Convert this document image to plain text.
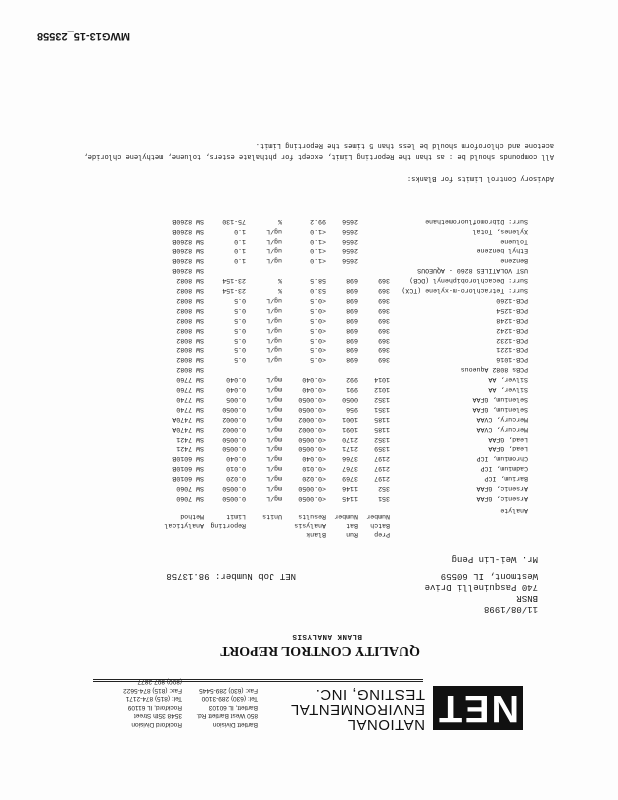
NET
NATIONAL
ENVIRONMENTAL
TESTING, INC.
Bartlett Division
850 West Bartlett Rd.
Bartlett, IL 60103
Tel: (630) 289-3100
Fax: (630) 289-5445
Rockford Division
3548 35th Street
Rockford, IL 61109
Tel: (815) 874-2171
Fax: (815) 874-5622
(800) 807-2877
QUALITY CONTROL REPORT
BLANK ANALYSIS
11/08/1998
BNSR
740 Pasquinelli Drive
Westmont, IL 60559
NET Job Number: 98.13758
Mr. Wei-Lin Peng
Analyte
Prep
Batch
Number
Run
Bat
Number
Blank
Analysis
Results
Units
Reporting
Limit
Analytical
Method
Arsenic, GFAA
351
1145
<0.0050
mg/L
0.0050
SW 7060
Arsenic, GFAA
352
1146
<0.0050
mg/L
0.0050
SW 7060
Barium, ICP
2197
3769
<0.020
mg/L
0.020
SW 6010B
Cadmium, ICP
2197
3767
<0.010
mg/L
0.010
SW 6010B
Chromium, ICP
2197
3766
<0.040
mg/L
0.040
SW 6010B
Lead, GFAA
1359
2171
<0.0050
mg/L
0.0050
SW 7421
Lead, GFAA
1352
2170
<0.0050
mg/L
0.0050
SW 7421
Mercury, CVAA
1185
1091
<0.0002
mg/L
0.0002
SW 7470A
Mercury, CVAA
1185
1001
<0.0002
mg/L
0.0002
SW 7470A
Selenium, GFAA
1351
956
<0.0050
mg/L
0.0050
SW 7740
Selenium, GFAA
1352
0050
<0.0050
mg/L
0.005
SW 7740
Silver, AA
1012
991
<0.040
mg/L
0.040
SW 7760
Silver, AA
1014
992
<0.040
mg/L
0.040
SW 7760
PCBs 8082 Aqueous
SW 8082
PCB-1016
369
698
<0.5
ug/L
0.5
SW 8082
PCB-1221
369
698
<0.5
ug/L
0.5
SW 8082
PCB-1232
369
698
<0.5
ug/L
0.5
SW 8082
PCB-1242
369
698
<0.5
ug/L
0.5
SW 8082
PCB-1248
369
698
<0.5
ug/L
0.5
SW 8082
PCB-1254
369
698
<0.5
ug/L
0.5
SW 8082
PCB-1260
369
698
<0.5
ug/L
0.5
SW 8082
Surr: Tetrachloro-m-xylene (TCX)
369
698
53.0
%
23-154
SW 8082
Surr: Decachlorobiphenyl (DCB)
369
698
58.5
%
23-154
SW 8082
UST VOLATILES 8260 - AQUEOUS
SW 8260B
Benzene
2656
<1.0
ug/L
1.0
SW 8260B
Ethyl benzene
2656
<1.0
ug/L
1.0
SW 8260B
Toluene
2656
<1.0
ug/L
1.0
SW 8260B
Xylenes, Total
2656
<1.0
ug/L
1.0
SW 8260B
Surr: Dibromofluoromethane
2656
99.2
%
75-130
SW 8260B
Advisory Control Limits for Blanks:
All compounds should be : as than the Reporting Limit, except for phthalate esters, toluene, methylene chloride,
acetone and chloroform should be less than 5 times the Reporting Limit.
MWG13-15_23558
